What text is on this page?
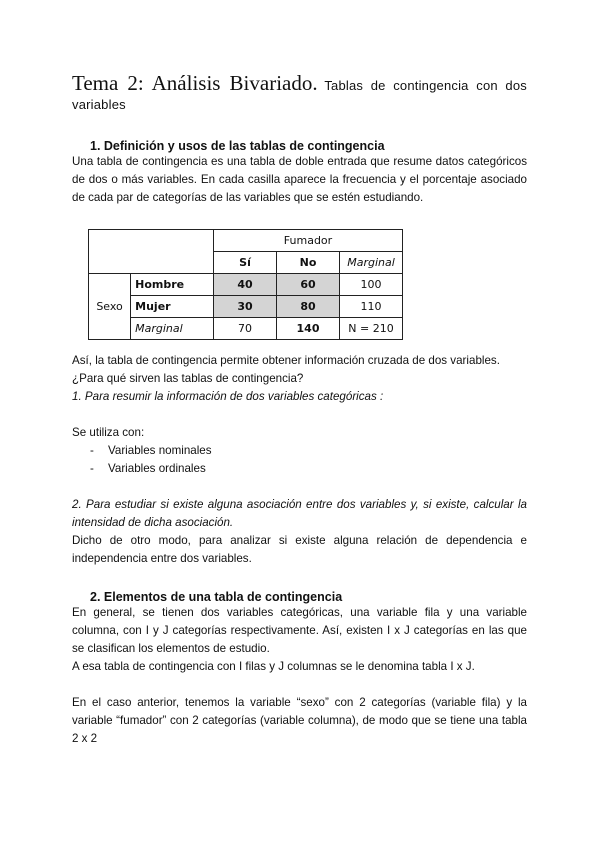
Tema 2: Análisis Bivariado. Tablas de contingencia con dos variables

1. Definición y usos de las tablas de contingencia

Una tabla de contingencia es una tabla de doble entrada que resume datos categóricos de dos o más variables. En cada casilla aparece la frecuencia y el porcentaje asociado de cada par de categorías de las variables que se estén estudiando.

		Fumador		
		Sí	No	Marginal
Sexo	Hombre	40	60	100
	Mujer	30	80	110
	Marginal	70	140	N = 210

Así, la tabla de contingencia permite obtener información cruzada de dos variables.

¿Para qué sirven las tablas de contingencia?

1. Para resumir la información de dos variables categóricas :

Se utiliza con:

- Variables nominales
- Variables ordinales

2. Para estudiar si existe alguna asociación entre dos variables y, si existe, calcular la intensidad de dicha asociación.

Dicho de otro modo, para analizar si existe alguna relación de dependencia e independencia entre dos variables.

2. Elementos de una tabla de contingencia

En general, se tienen dos variables categóricas, una variable fila y una variable columna, con I y J categorías respectivamente. Así, existen I x J categorías en las que se clasifican los elementos de estudio.

A esa tabla de contingencia con I filas y J columnas se le denomina tabla I x J.

En el caso anterior, tenemos la variable “sexo” con 2 categorías (variable fila) y la variable “fumador” con 2 categorías (variable columna), de modo que se tiene una tabla 2 x 2
